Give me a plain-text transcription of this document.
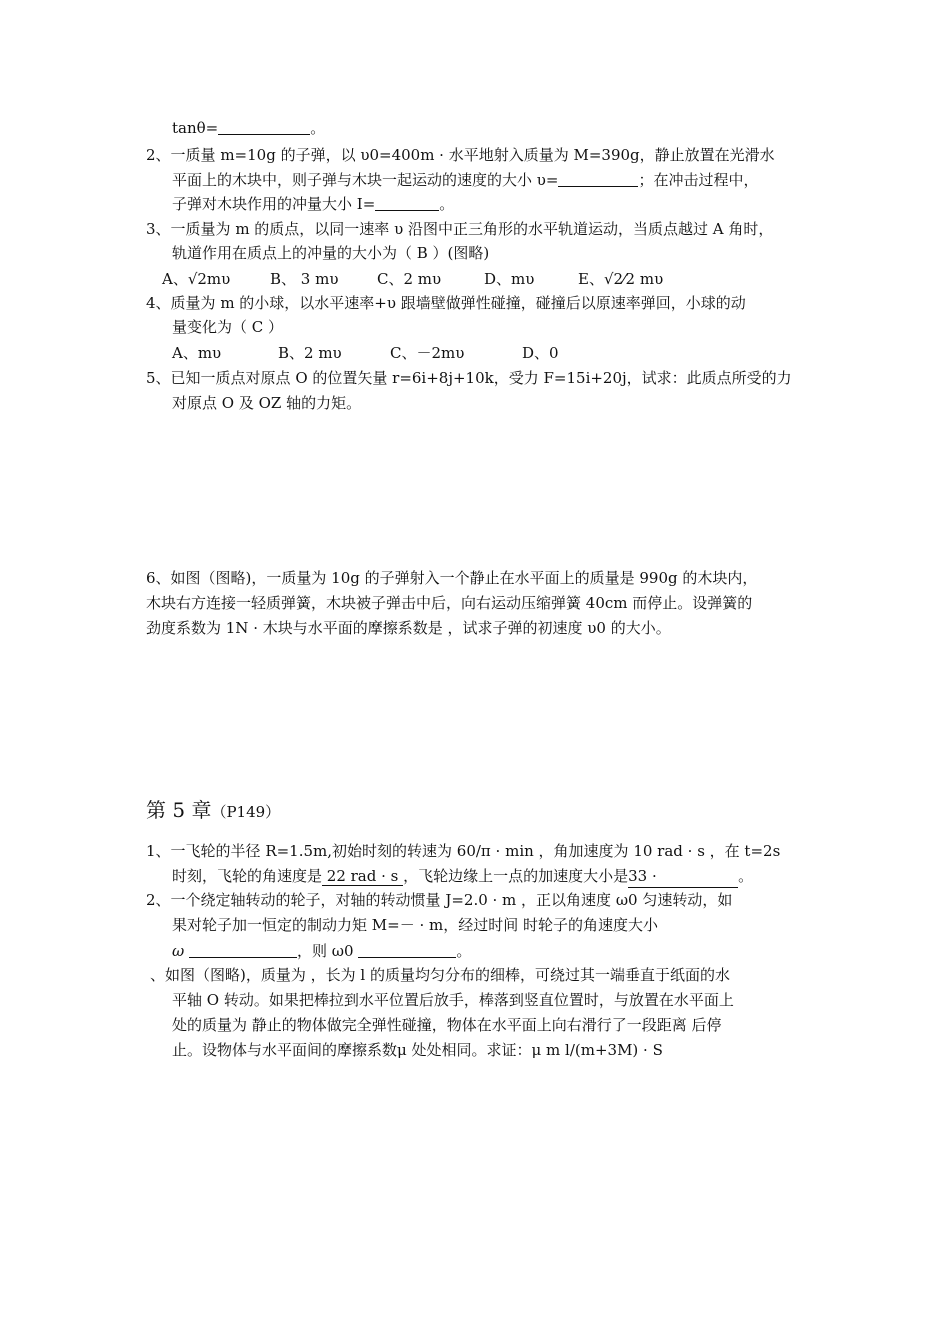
tanθ=	。
2、一质量 m=10g 的子弹，以 υ0=400m · 水平地射入质量为 M=390g，静止放置在光滑水
平面上的木块中，则子弹与木块一起运动的速度的大小 υ=	；在冲击过程中，
子弹对木块作用的冲量大小 I=	。
3、一质量为 m 的质点，以同一速率 υ 沿图中正三角形的水平轨道运动，当质点越过 A 角时，
轨道作用在质点上的冲量的大小为（ B ）(图略)
A、√2mυ	B、 3 mυ	C、2 mυ	D、mυ	E、√2⁄2 mυ
4、质量为 m 的小球，以水平速率+υ 跟墙壁做弹性碰撞，碰撞后以原速率弹回，小球的动
量变化为（ C ）
A、mυ	B、2 mυ	C、－2mυ	D、0
5、已知一质点对原点 O 的位置矢量 r=6i+8j+10k，受力 F=15i+20j，试求：此质点所受的力
对原点 O 及 OZ 轴的力矩。
6、如图（图略)，一质量为 10g 的子弹射入一个静止在水平面上的质量是 990g 的木块内，
木块右方连接一轻质弹簧，木块被子弹击中后，向右运动压缩弹簧 40cm 而停止。设弹簧的
劲度系数为 1N · 木块与水平面的摩擦系数是 ，试求子弹的初速度 υ0 的大小。
第 5 章（P149）
1、一飞轮的半径 R=1.5m,初始时刻的转速为 60/π · min ，角加速度为 10 rad · s ，在 t=2s
时刻，飞轮的角速度是 22 rad · s ，飞轮边缘上一点的加速度大小是33 ·	。
2、一个绕定轴转动的轮子，对轴的转动惯量 J=2.0 · m ，正以角速度 ω0 匀速转动，如
果对轮子加一恒定的制动力矩 M=－ · m，经过时间 时轮子的角速度大小
ω	，则 ω0	。
、如图（图略)，质量为 ，长为 l 的质量均匀分布的细棒，可绕过其一端垂直于纸面的水
平轴 O 转动。如果把棒拉到水平位置后放手，棒落到竖直位置时，与放置在水平面上
处的质量为 静止的物体做完全弹性碰撞，物体在水平面上向右滑行了一段距离 后停
止。设物体与水平面间的摩擦系数μ 处处相同。求证：μ m l/(m+3M) · S
